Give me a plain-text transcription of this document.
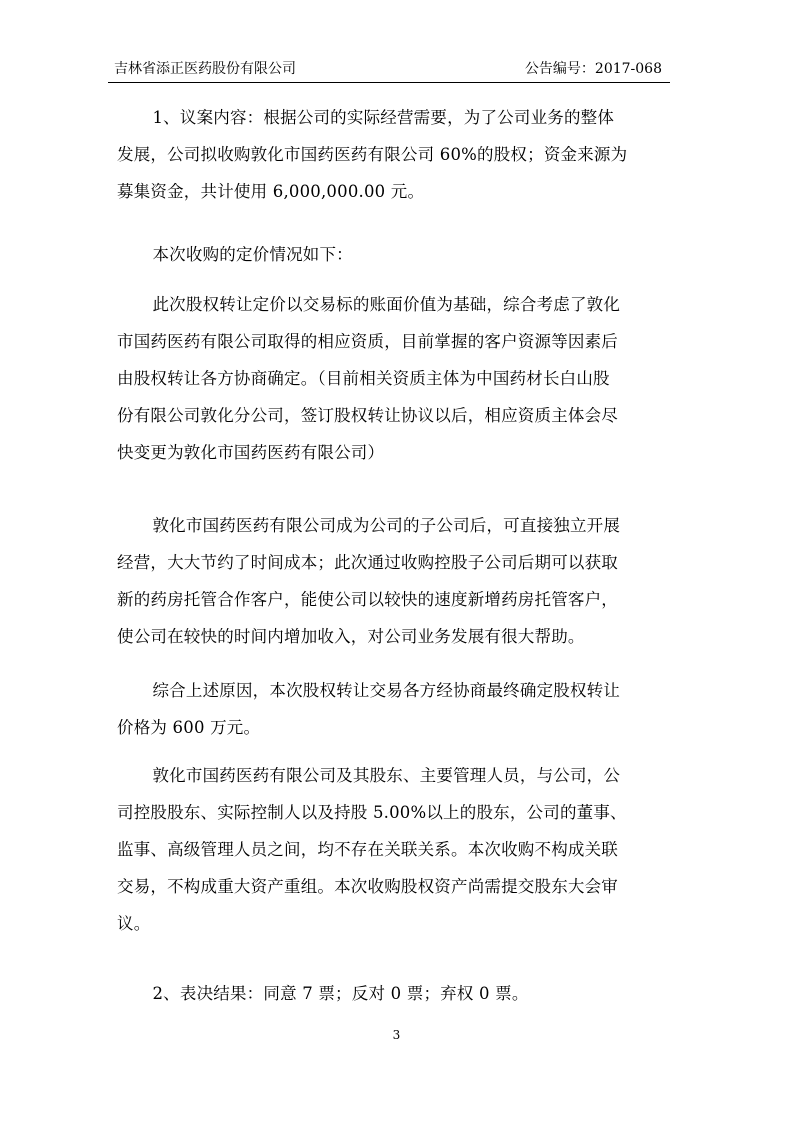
吉林省添正医药股份有限公司	公告编号：2017-068

1、议案内容：根据公司的实际经营需要，为了公司业务的整体
发展，公司拟收购敦化市国药医药有限公司 60%的股权；资金来源为
募集资金，共计使用 6,000,000.00 元。

本次收购的定价情况如下：

此次股权转让定价以交易标的账面价值为基础，综合考虑了敦化
市国药医药有限公司取得的相应资质，目前掌握的客户资源等因素后
由股权转让各方协商确定。（目前相关资质主体为中国药材长白山股
份有限公司敦化分公司，签订股权转让协议以后，相应资质主体会尽
快变更为敦化市国药医药有限公司）

敦化市国药医药有限公司成为公司的子公司后，可直接独立开展
经营，大大节约了时间成本；此次通过收购控股子公司后期可以获取
新的药房托管合作客户，能使公司以较快的速度新增药房托管客户，
使公司在较快的时间内增加收入，对公司业务发展有很大帮助。

综合上述原因，本次股权转让交易各方经协商最终确定股权转让
价格为 600 万元。

敦化市国药医药有限公司及其股东、主要管理人员，与公司，公
司控股股东、实际控制人以及持股 5.00%以上的股东，公司的董事、
监事、高级管理人员之间，均不存在关联关系。本次收购不构成关联
交易，不构成重大资产重组。本次收购股权资产尚需提交股东大会审
议。

2、表决结果：同意 7 票；反对 0 票；弃权 0 票。

3
